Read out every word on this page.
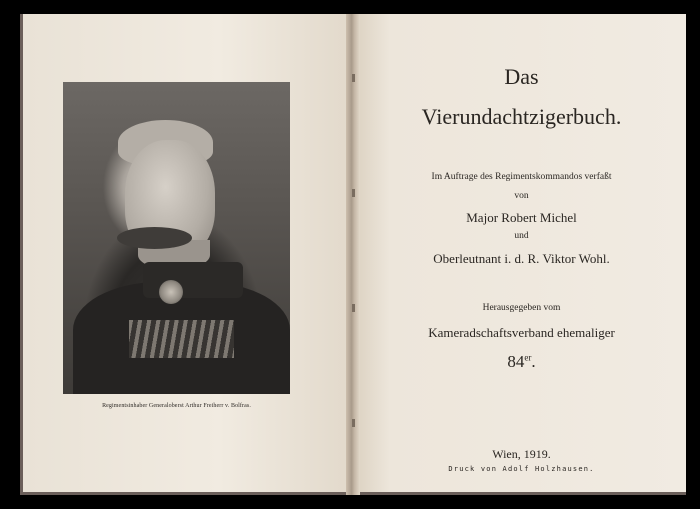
Regimentsinhaber Generaloberst Arthur Freiherr v. Bolfras.
Das
Vierundachtzigerbuch.
Im Auftrage des Regimentskommandos verfaßt
von
Major Robert Michel
und
Oberleutnant i. d. R. Viktor Wohl.
Herausgegeben vom
Kameradschaftsverband ehemaliger
84er.
Wien, 1919.
Druck von Adolf Holzhausen.
